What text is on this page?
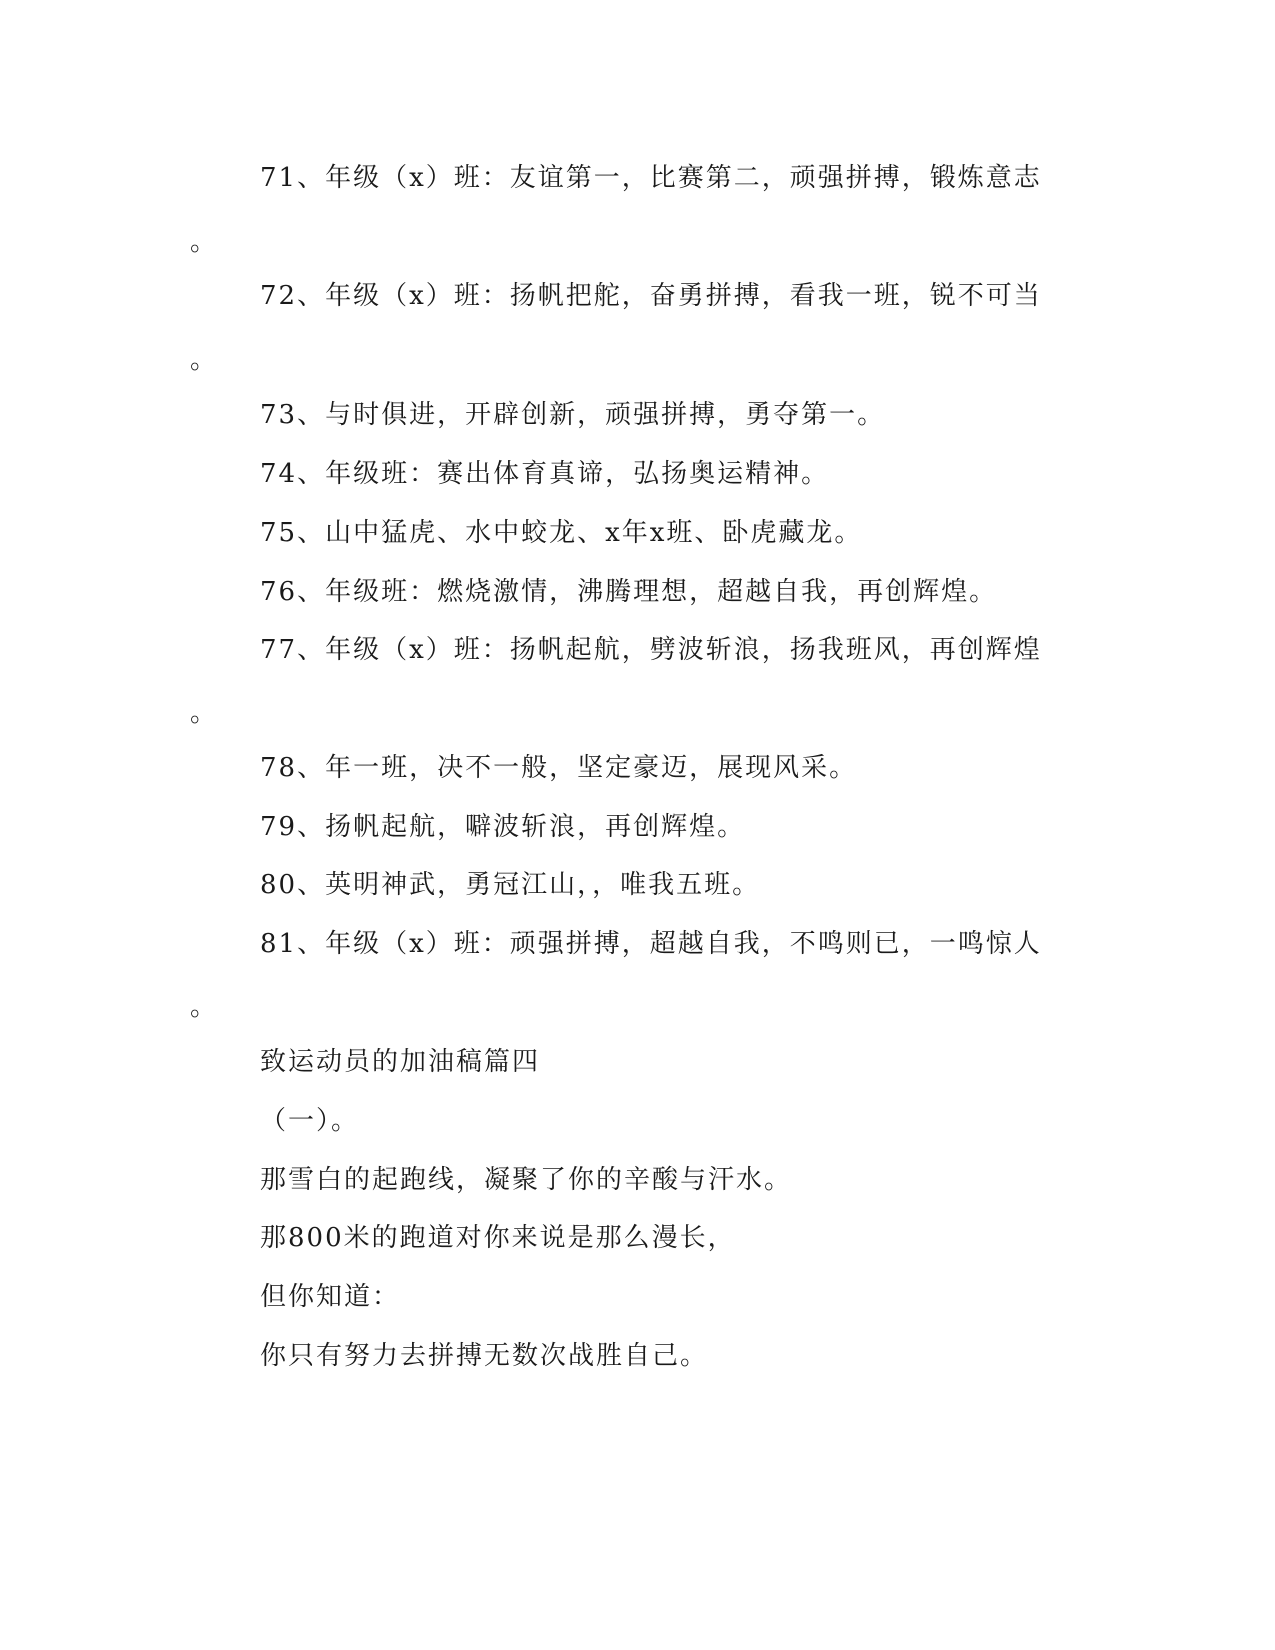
71、年级（x）班：友谊第一，比赛第二，顽强拼搏，锻炼意志
。
72、年级（x）班：扬帆把舵，奋勇拼搏，看我一班，锐不可当
。
73、与时俱进，开辟创新，顽强拼搏，勇夺第一。
74、年级班：赛出体育真谛，弘扬奥运精神。
75、山中猛虎、水中蛟龙、x年x班、卧虎藏龙。
76、年级班：燃烧激情，沸腾理想，超越自我，再创辉煌。
77、年级（x）班：扬帆起航，劈波斩浪，扬我班风，再创辉煌
。
78、年一班，决不一般，坚定豪迈，展现风采。
79、扬帆起航，噼波斩浪，再创辉煌。
80、英明神武，勇冠江山，，唯我五班。
81、年级（x）班：顽强拼搏，超越自我，不鸣则已，一鸣惊人
。
致运动员的加油稿篇四
（一）。
那雪白的起跑线，凝聚了你的辛酸与汗水。
那800米的跑道对你来说是那么漫长，
但你知道：
你只有努力去拼搏无数次战胜自己。
